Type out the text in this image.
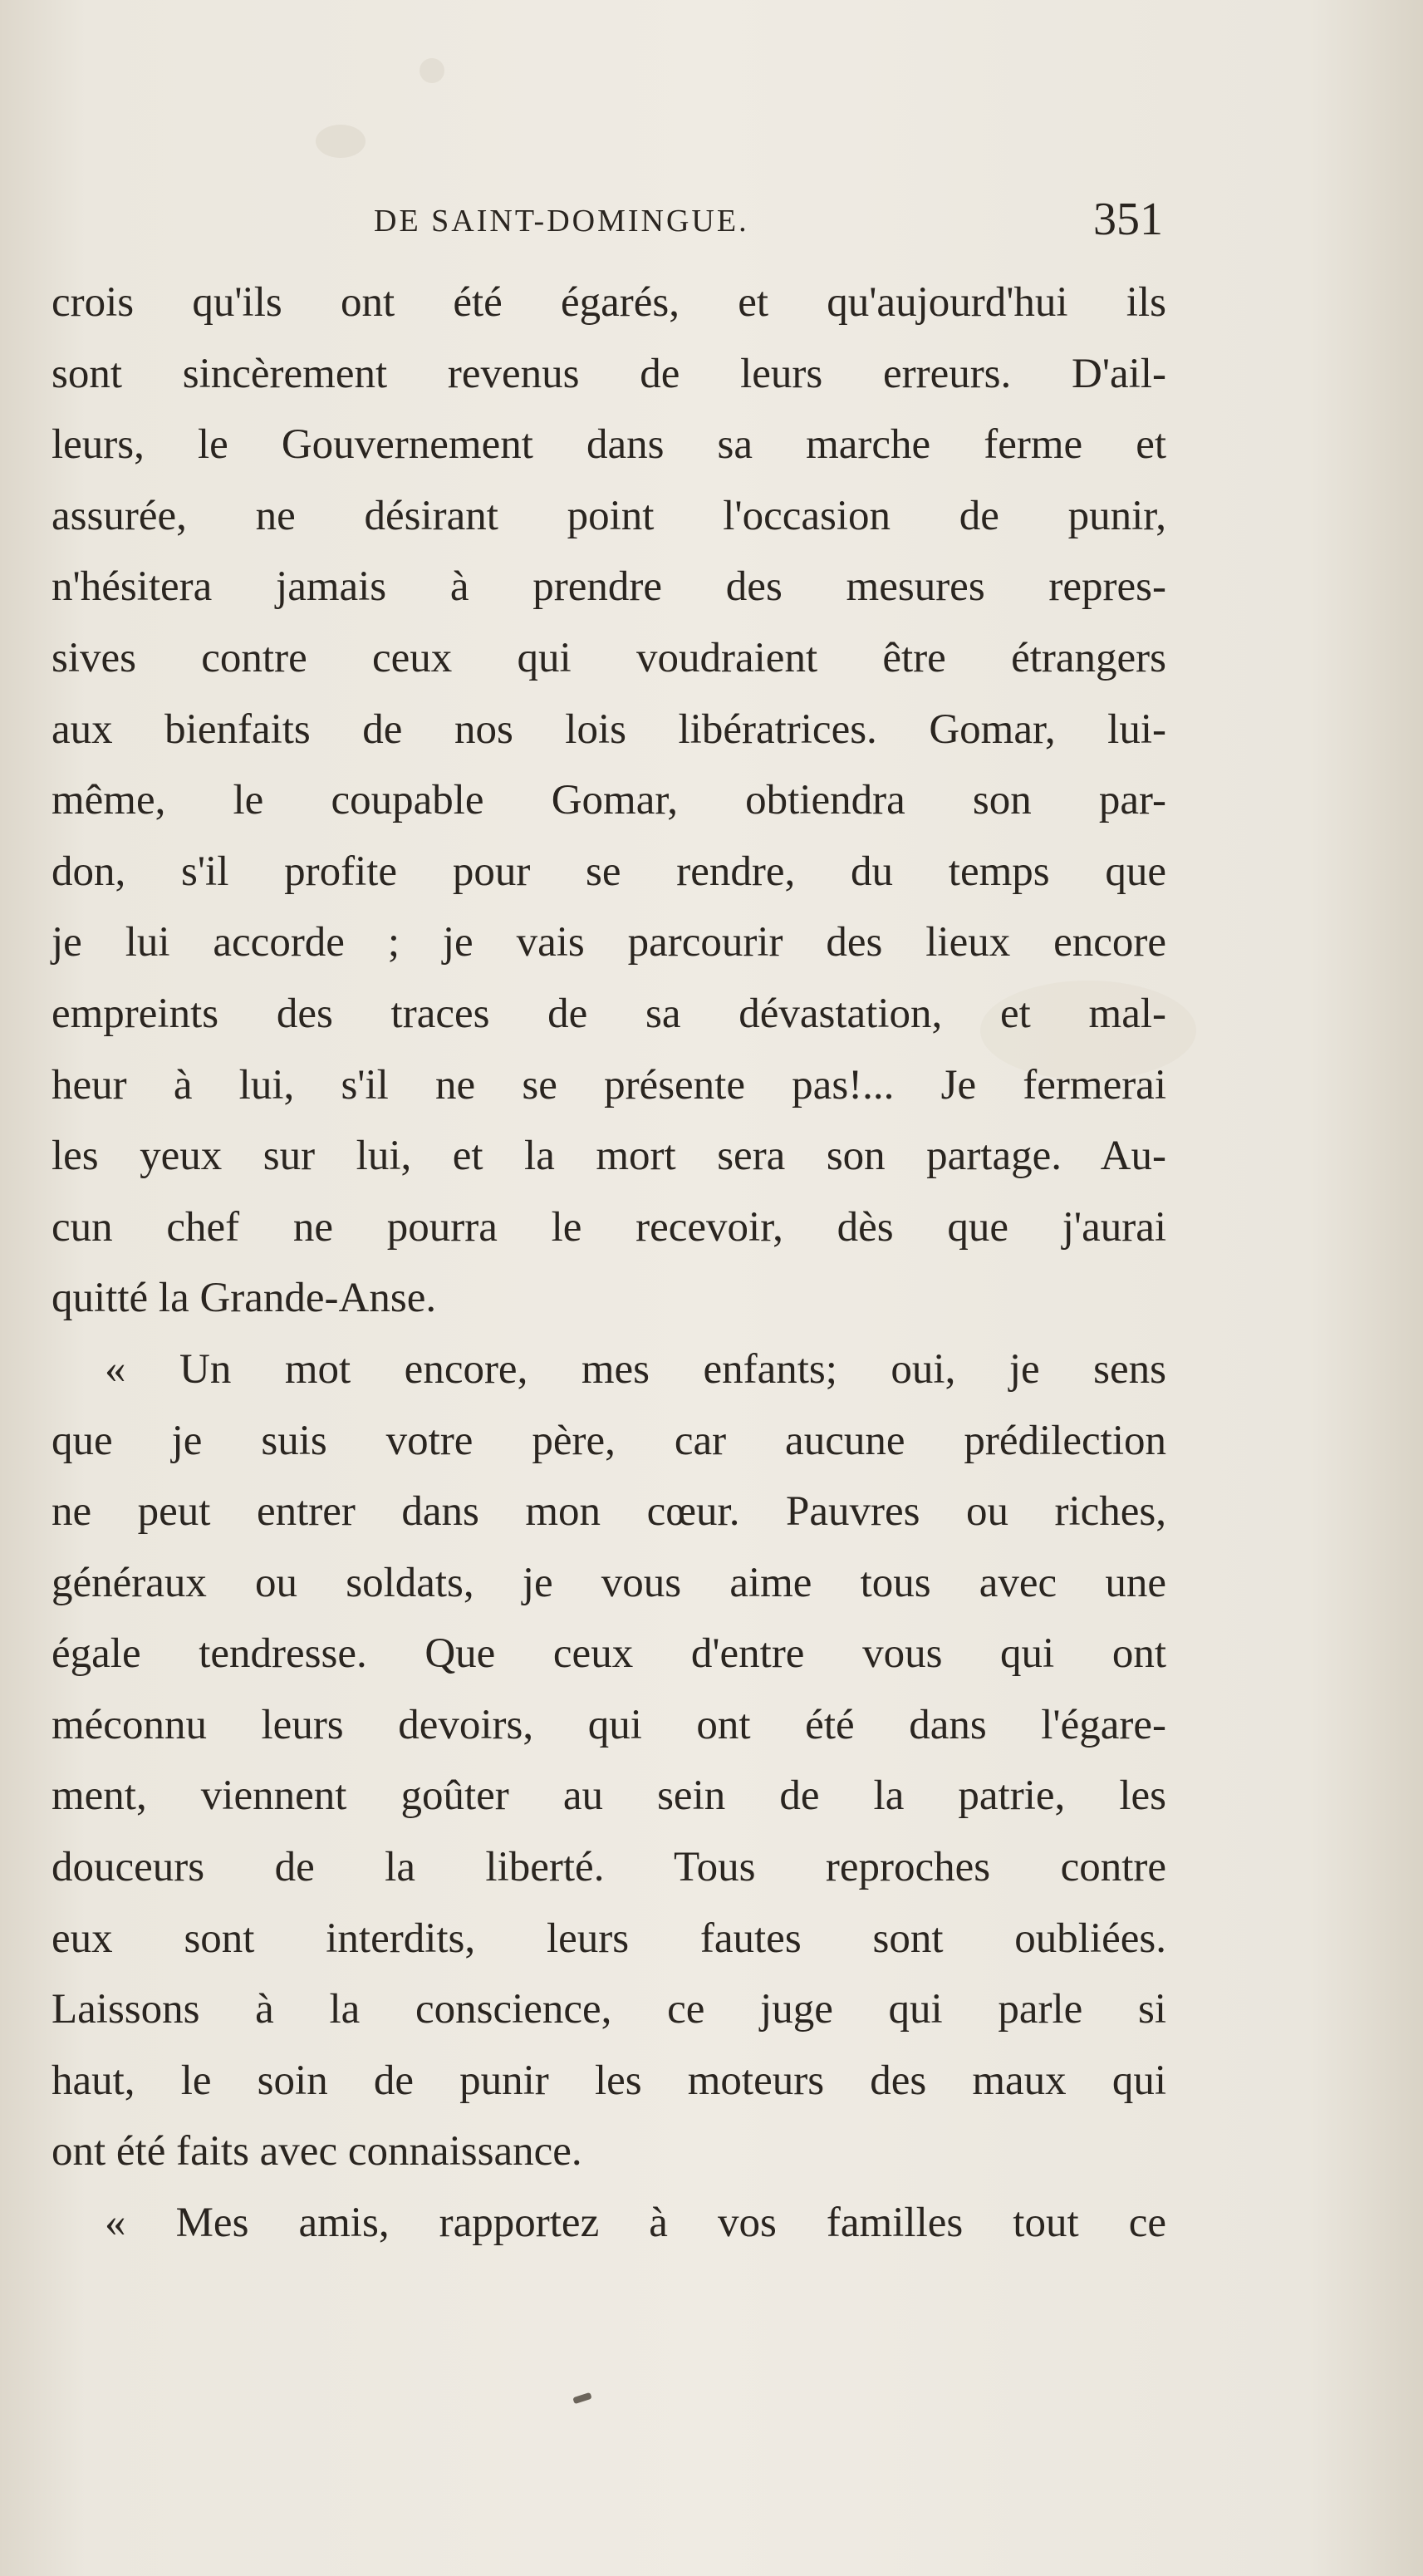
DE SAINT-DOMINGUE.	351
crois qu'ils ont été égarés, et qu'aujourd'hui ils
sont sincèrement revenus de leurs erreurs. D'ail-
leurs, le Gouvernement dans sa marche ferme et
assurée, ne désirant point l'occasion de punir,
n'hésitera jamais à prendre des mesures repres-
sives contre ceux qui voudraient être étrangers
aux bienfaits de nos lois libératrices. Gomar, lui-
même, le coupable Gomar, obtiendra son par-
don, s'il profite pour se rendre, du temps que
je lui accorde ; je vais parcourir des lieux encore
empreints des traces de sa dévastation, et mal-
heur à lui, s'il ne se présente pas!... Je fermerai
les yeux sur lui, et la mort sera son partage. Au-
cun chef ne pourra le recevoir, dès que j'aurai
quitté la Grande-Anse.
« Un mot encore, mes enfants; oui, je sens
que je suis votre père, car aucune prédilection
ne peut entrer dans mon cœur. Pauvres ou riches,
généraux ou soldats, je vous aime tous avec une
égale tendresse. Que ceux d'entre vous qui ont
méconnu leurs devoirs, qui ont été dans l'égare-
ment, viennent goûter au sein de la patrie, les
douceurs de la liberté. Tous reproches contre
eux sont interdits, leurs fautes sont oubliées.
Laissons à la conscience, ce juge qui parle si
haut, le soin de punir les moteurs des maux qui
ont été faits avec connaissance.
« Mes amis, rapportez à vos familles tout ce
